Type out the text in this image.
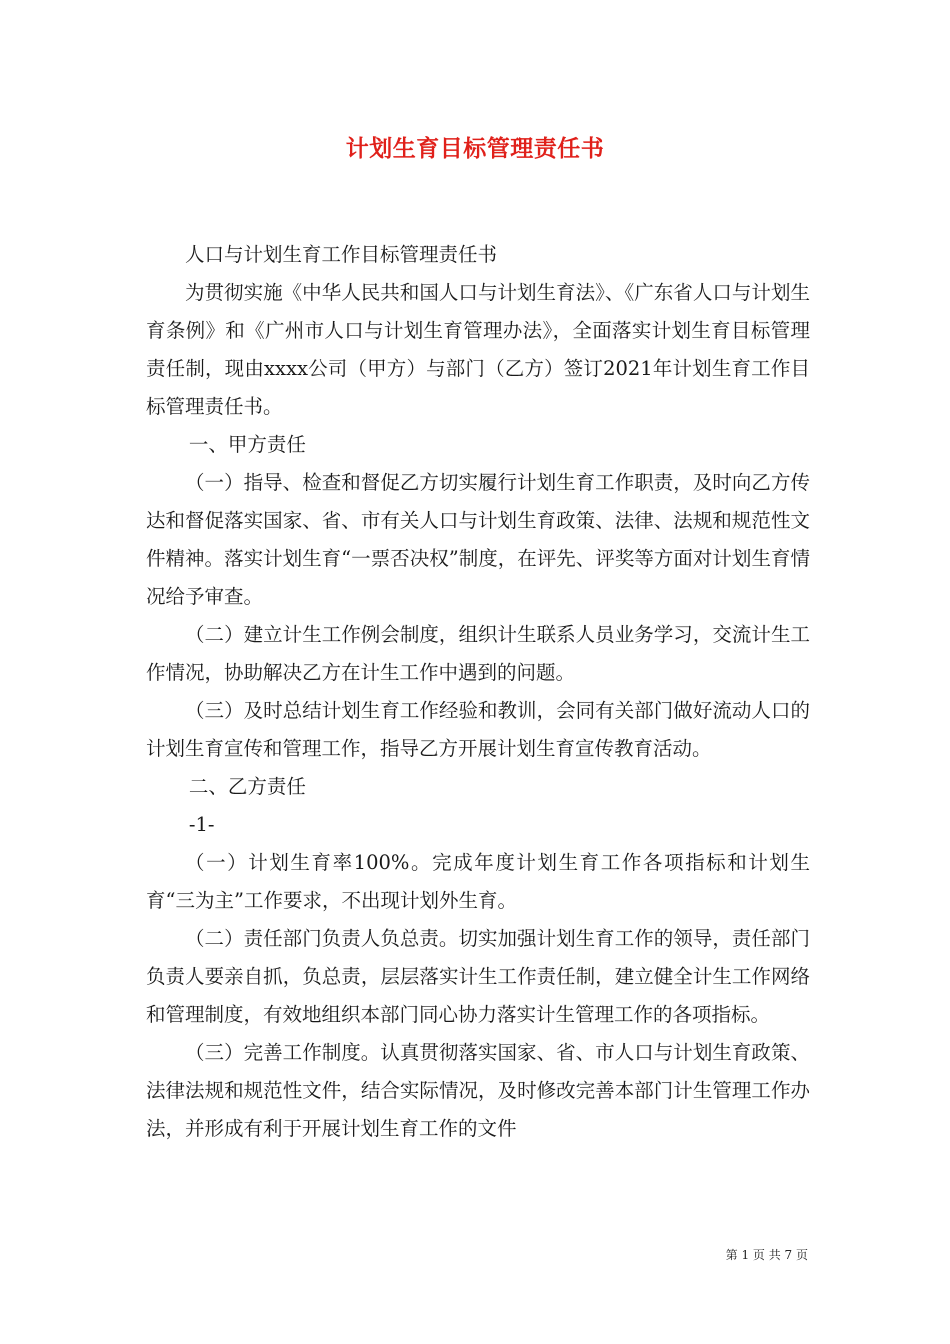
计划生育目标管理责任书

人口与计划生育工作目标管理责任书

为贯彻实施《中华人民共和国人口与计划生育法》、《广东省人口与计划生育条例》和《广州市人口与计划生育管理办法》，全面落实计划生育目标管理责任制，现由xxxx公司（甲方）与部门（乙方）签订2021年计划生育工作目标管理责任书。

一、甲方责任

（一）指导、检查和督促乙方切实履行计划生育工作职责，及时向乙方传达和督促落实国家、省、市有关人口与计划生育政策、法律、法规和规范性文件精神。落实计划生育“一票否决权”制度，在评先、评奖等方面对计划生育情况给予审查。

（二）建立计生工作例会制度，组织计生联系人员业务学习，交流计生工作情况，协助解决乙方在计生工作中遇到的问题。

（三）及时总结计划生育工作经验和教训，会同有关部门做好流动人口的计划生育宣传和管理工作，指导乙方开展计划生育宣传教育活动。

二、乙方责任

-1-

（一）计划生育率100%。完成年度计划生育工作各项指标和计划生育“三为主”工作要求，不出现计划外生育。

（二）责任部门负责人负总责。切实加强计划生育工作的领导，责任部门负责人要亲自抓，负总责，层层落实计生工作责任制，建立健全计生工作网络和管理制度，有效地组织本部门同心协力落实计生管理工作的各项指标。

（三）完善工作制度。认真贯彻落实国家、省、市人口与计划生育政策、法律法规和规范性文件，结合实际情况，及时修改完善本部门计生管理工作办法，并形成有利于开展计划生育工作的文件

第 1 页 共 7 页
